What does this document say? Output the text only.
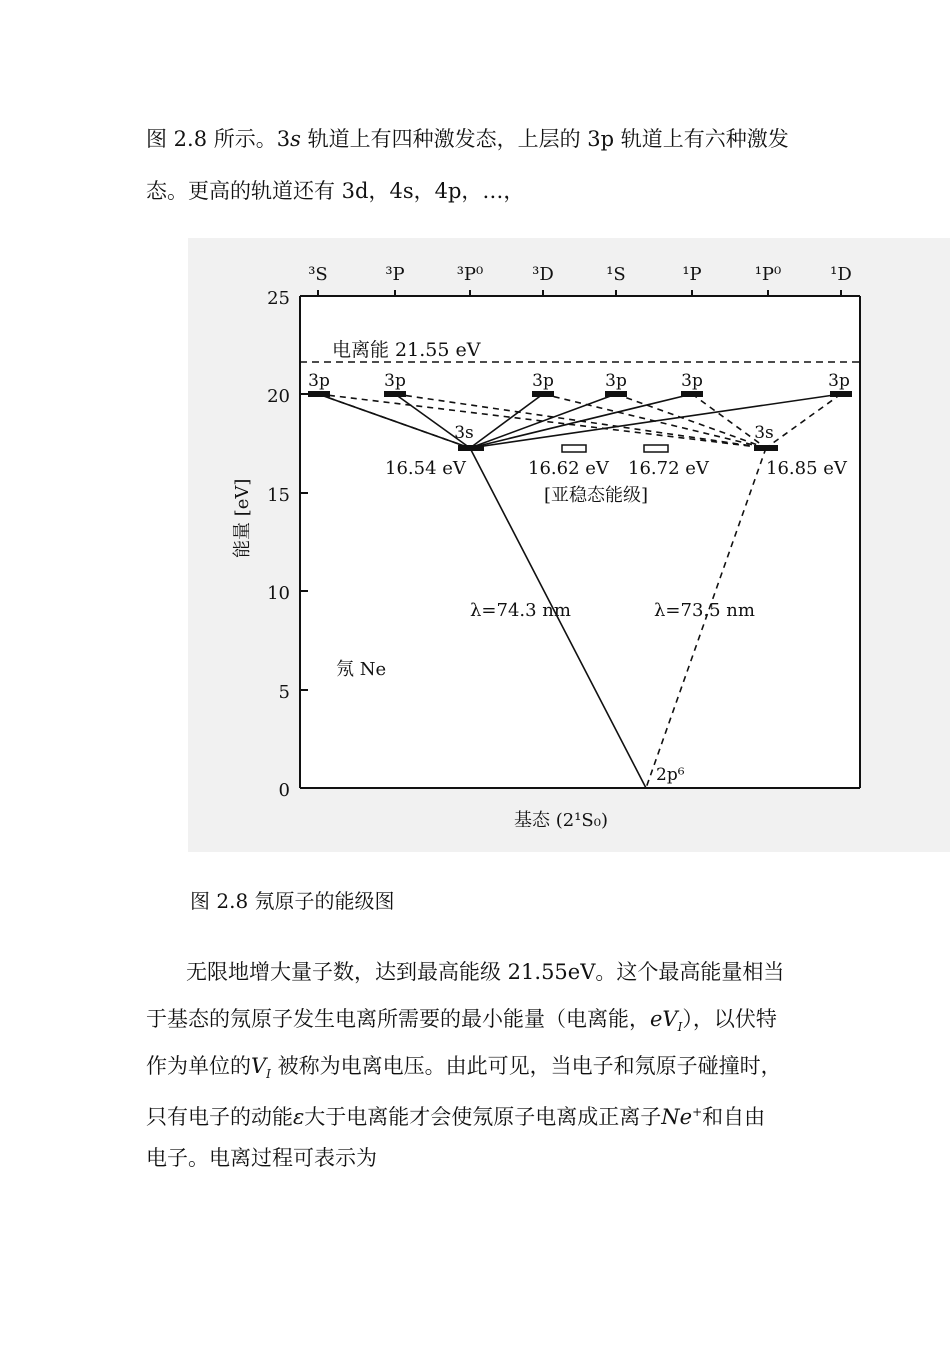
图 2.8 所示。3s 轨道上有四种激发态，上层的 3p 轨道上有六种激发

态。更高的轨道还有 3d，4s，4p，…，

³S	³P	³P⁰	³D	¹S	¹P	¹P⁰	¹D
25
20
15
10
5
0
能量 [eV]
电离能 21.55 eV
3p	3p	3p	3p	3p	3p
3s	3s
16.54 eV	16.62 eV 16.72 eV	16.85 eV
[亚稳态能级]
λ=74.3 nm	λ=73.5 nm
氖 Ne
2p⁶
基态 (2¹S₀)
图 2.8 氖原子的能级图

无限地增大量子数，达到最高能级 21.55eV。这个最高能量相当

于基态的氖原子发生电离所需要的最小能量（电离能，$eV_I$），以伏特

作为单位的$V_I$ 被称为电离电压。由此可见，当电子和氖原子碰撞时，

只有电子的动能ε大于电离能才会使氖原子电离成正离子Ne+和自由

电子。电离过程可表示为
